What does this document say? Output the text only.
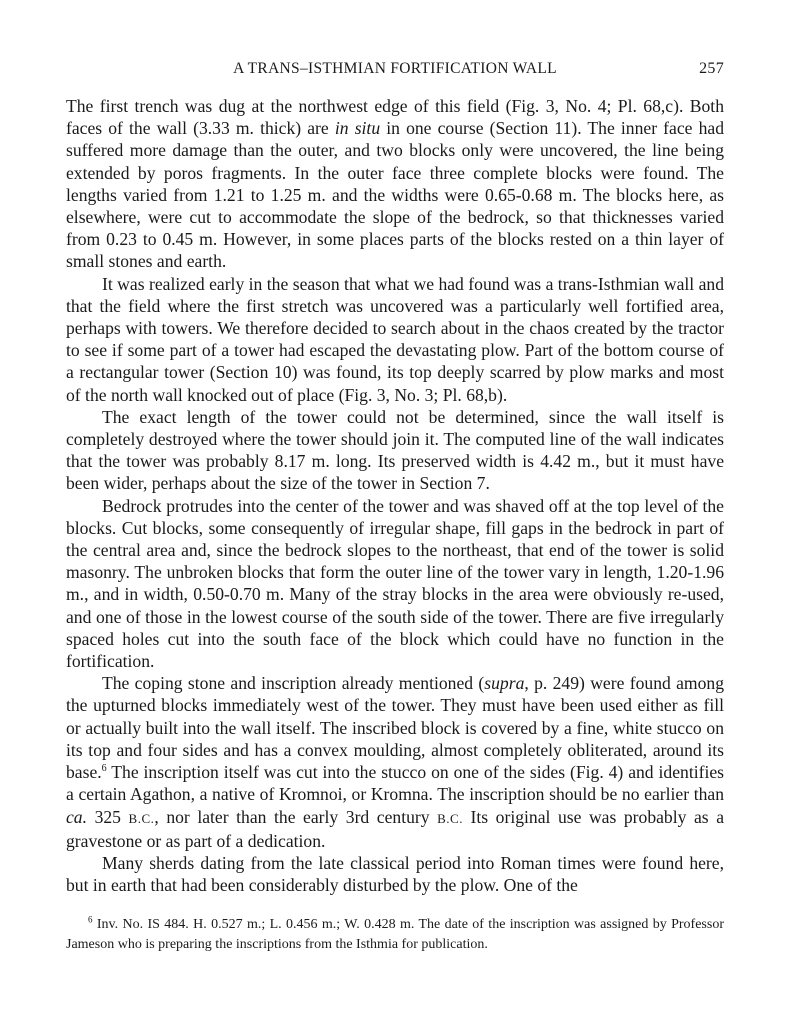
A TRANS–ISTHMIAN FORTIFICATION WALL	257

The first trench was dug at the northwest edge of this field (Fig. 3, No. 4; Pl. 68,c). Both faces of the wall (3.33 m. thick) are in situ in one course (Section 11). The inner face had suffered more damage than the outer, and two blocks only were uncovered, the line being extended by poros fragments. In the outer face three complete blocks were found. The lengths varied from 1.21 to 1.25 m. and the widths were 0.65-0.68 m. The blocks here, as elsewhere, were cut to accommodate the slope of the bedrock, so that thicknesses varied from 0.23 to 0.45 m. However, in some places parts of the blocks rested on a thin layer of small stones and earth.

It was realized early in the season that what we had found was a trans-Isthmian wall and that the field where the first stretch was uncovered was a particularly well fortified area, perhaps with towers. We therefore decided to search about in the chaos created by the tractor to see if some part of a tower had escaped the devastating plow. Part of the bottom course of a rectangular tower (Section 10) was found, its top deeply scarred by plow marks and most of the north wall knocked out of place (Fig. 3, No. 3; Pl. 68,b).

The exact length of the tower could not be determined, since the wall itself is completely destroyed where the tower should join it. The computed line of the wall indicates that the tower was probably 8.17 m. long. Its preserved width is 4.42 m., but it must have been wider, perhaps about the size of the tower in Section 7.

Bedrock protrudes into the center of the tower and was shaved off at the top level of the blocks. Cut blocks, some consequently of irregular shape, fill gaps in the bedrock in part of the central area and, since the bedrock slopes to the northeast, that end of the tower is solid masonry. The unbroken blocks that form the outer line of the tower vary in length, 1.20-1.96 m., and in width, 0.50-0.70 m. Many of the stray blocks in the area were obviously re-used, and one of those in the lowest course of the south side of the tower. There are five irregularly spaced holes cut into the south face of the block which could have no function in the fortification.

The coping stone and inscription already mentioned (supra, p. 249) were found among the upturned blocks immediately west of the tower. They must have been used either as fill or actually built into the wall itself. The inscribed block is covered by a fine, white stucco on its top and four sides and has a convex moulding, almost completely obliterated, around its base.$^6$ The inscription itself was cut into the stucco on one of the sides (Fig. 4) and identifies a certain Agathon, a native of Kromnoi, or Kromna. The inscription should be no earlier than ca. 325 B.C., nor later than the early 3rd century B.C. Its original use was probably as a gravestone or as part of a dedication.

Many sherds dating from the late classical period into Roman times were found here, but in earth that had been considerably disturbed by the plow. One of the

$^6$ Inv. No. IS 484. H. 0.527 m.; L. 0.456 m.; W. 0.428 m. The date of the inscription was assigned by Professor Jameson who is preparing the inscriptions from the Isthmia for publication.
